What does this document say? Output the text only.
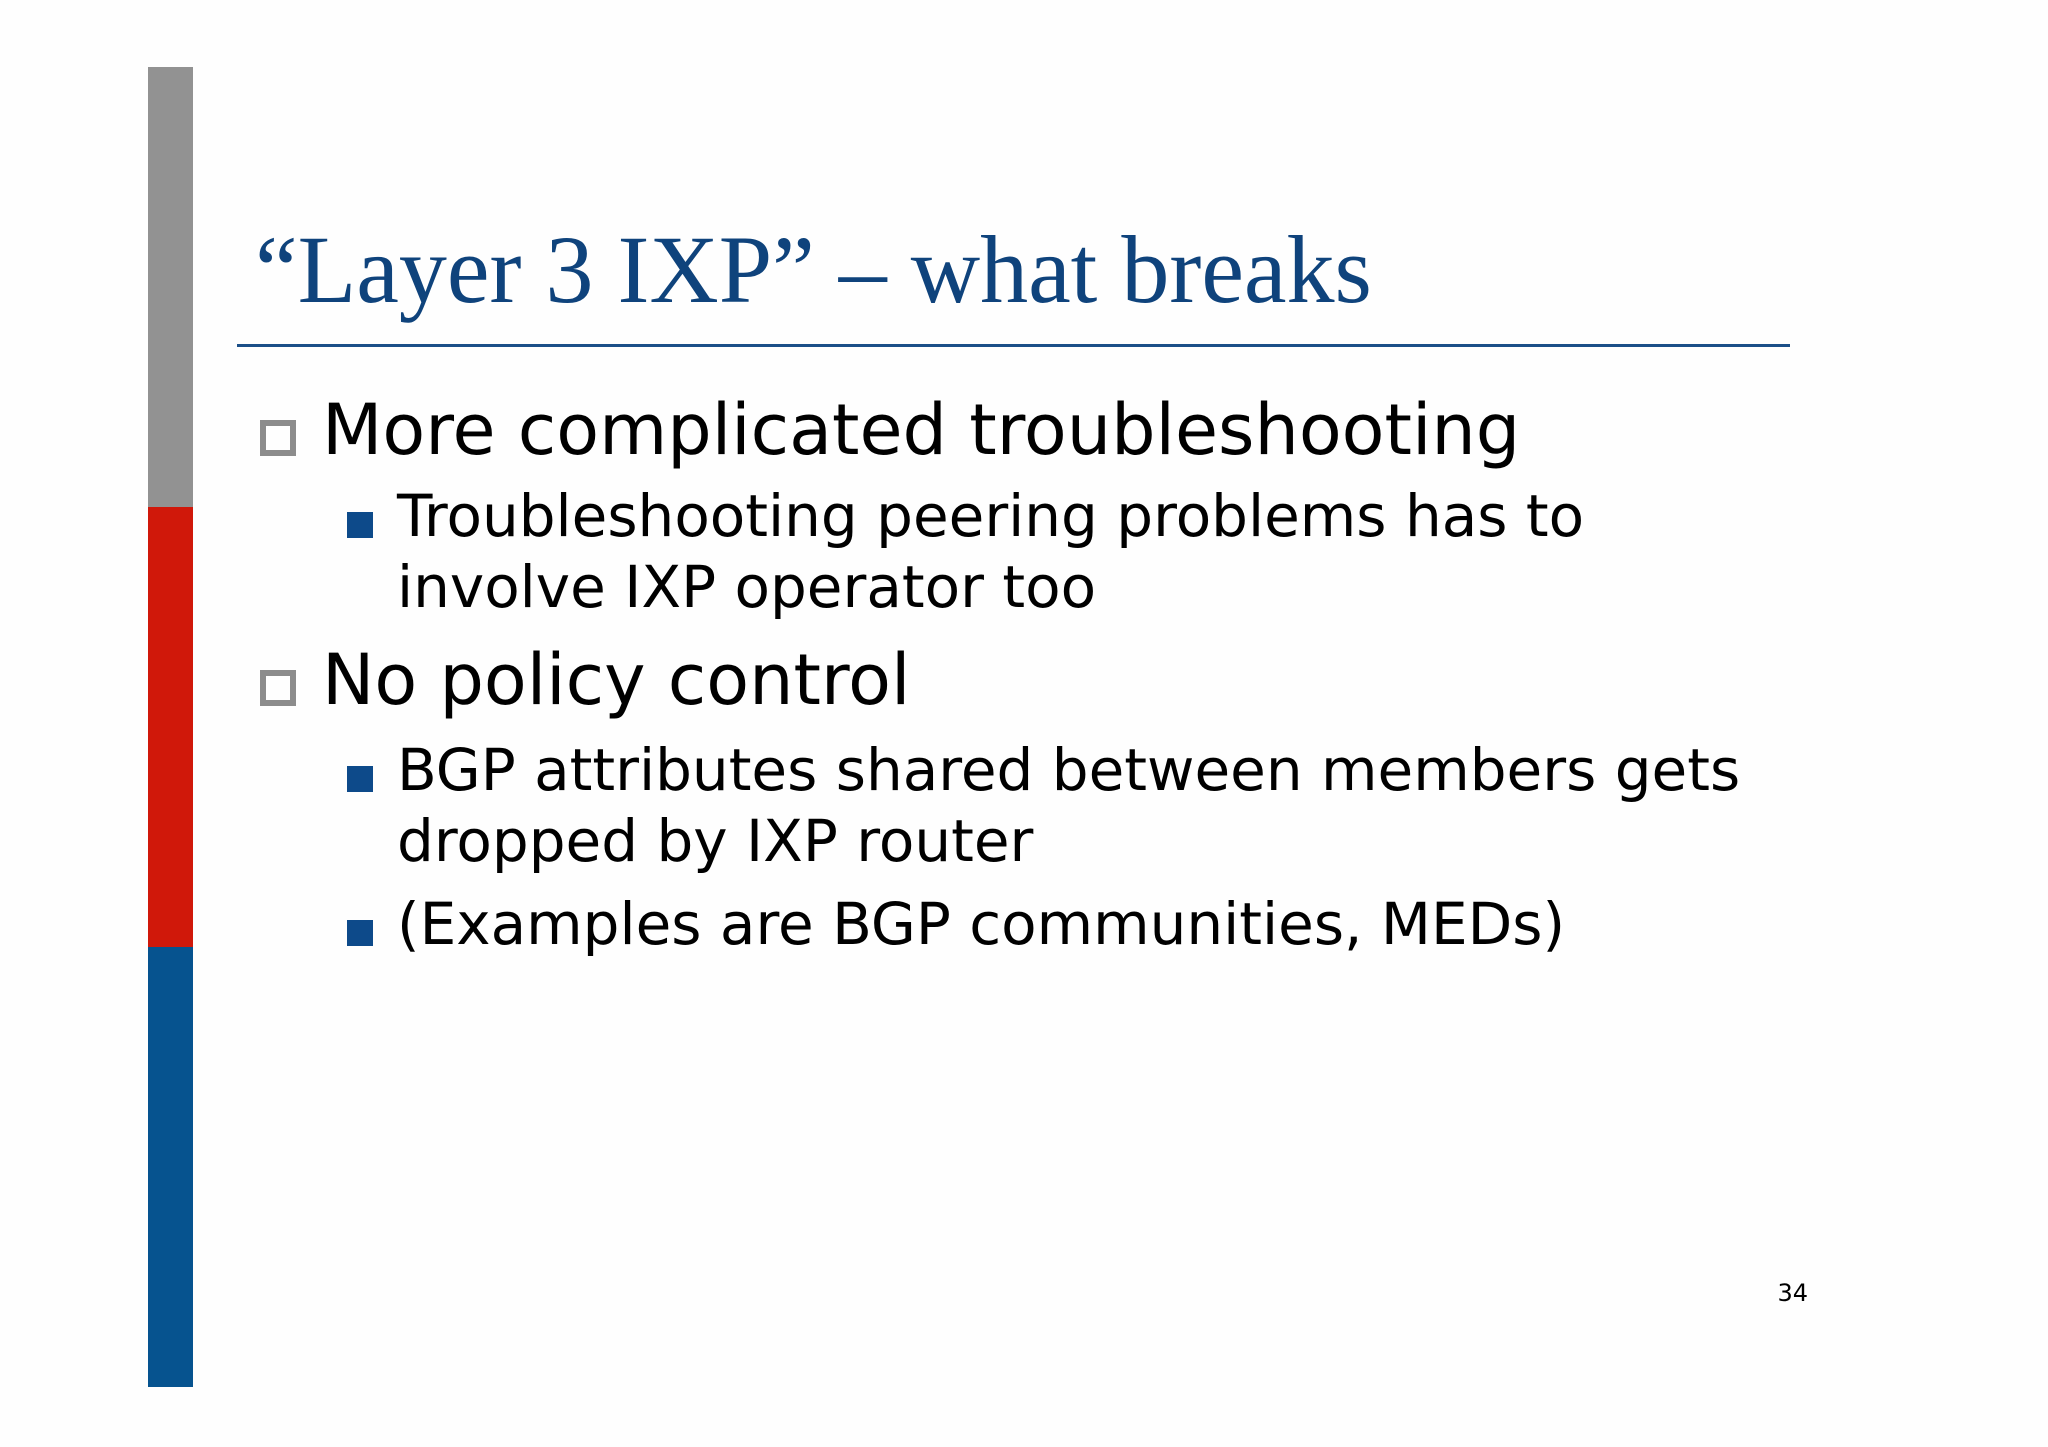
“Layer 3 IXP” – what breaks
More complicated troubleshooting
Troubleshooting peering problems has to involve IXP operator too
No policy control
BGP attributes shared between members gets dropped by IXP router
(Examples are BGP communities, MEDs)
34
